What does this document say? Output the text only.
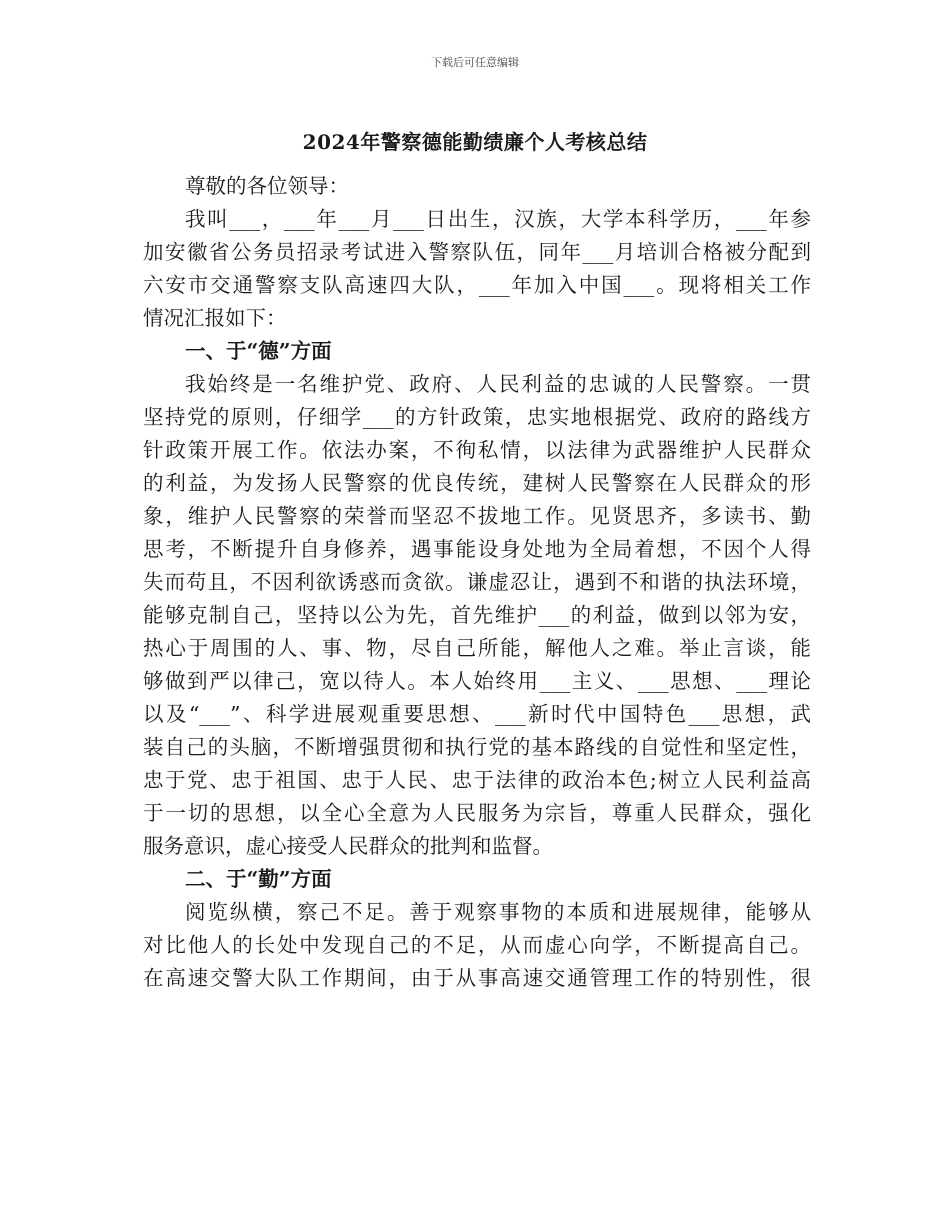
下载后可任意编辑
2024年警察德能勤绩廉个人考核总结
尊敬的各位领导：
我叫___，___年___月___日出生，汉族，大学本科学历，___年参
加安徽省公务员招录考试进入警察队伍，同年___月培训合格被分配到
六安市交通警察支队高速四大队，___年加入中国___。现将相关工作
情况汇报如下：
一、于“德”方面
我始终是一名维护党、政府、人民利益的忠诚的人民警察。一贯
坚持党的原则，仔细学___的方针政策，忠实地根据党、政府的路线方
针政策开展工作。依法办案，不徇私情，以法律为武器维护人民群众
的利益，为发扬人民警察的优良传统，建树人民警察在人民群众的形
象，维护人民警察的荣誉而坚忍不拔地工作。见贤思齐，多读书、勤
思考，不断提升自身修养，遇事能设身处地为全局着想，不因个人得
失而苟且，不因利欲诱惑而贪欲。谦虚忍让，遇到不和谐的执法环境，
能够克制自己，坚持以公为先，首先维护___的利益，做到以邻为安，
热心于周围的人、事、物，尽自己所能，解他人之难。举止言谈，能
够做到严以律己，宽以待人。本人始终用___主义、___思想、___理论
以及“___”、科学进展观重要思想、___新时代中国特色___思想，武
装自己的头脑，不断增强贯彻和执行党的基本路线的自觉性和坚定性，
忠于党、忠于祖国、忠于人民、忠于法律的政治本色;树立人民利益高
于一切的思想，以全心全意为人民服务为宗旨，尊重人民群众，强化
服务意识，虚心接受人民群众的批判和监督。
二、于“勤”方面
阅览纵横，察己不足。善于观察事物的本质和进展规律，能够从
对比他人的长处中发现自己的不足，从而虚心向学，不断提高自己。
在高速交警大队工作期间，由于从事高速交通管理工作的特别性，很
